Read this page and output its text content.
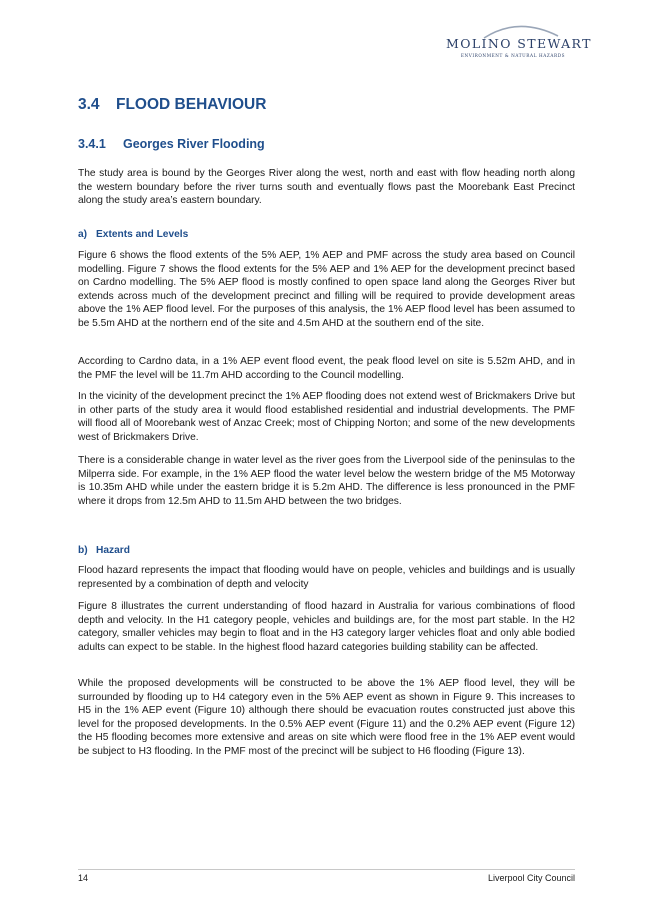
MOLINO STEWART
ENVIRONMENT & NATURAL HAZARDS
3.4 FLOOD BEHAVIOUR
3.4.1 Georges River Flooding

The study area is bound by the Georges River along the west, north and east with flow heading north along the western boundary before the river turns south and eventually flows past the Moorebank East Precinct along the study area’s eastern boundary.

a) Extents and Levels

Figure 6 shows the flood extents of the 5% AEP, 1% AEP and PMF across the study area based on Council modelling. Figure 7 shows the flood extents for the 5% AEP and 1% AEP for the development precinct based on Cardno modelling. The 5% AEP flood is mostly confined to open space land along the Georges River but extends across much of the development precinct and filling will be required to provide development areas above the 1% AEP flood level. For the purposes of this analysis, the 1% AEP flood level has been assumed to be 5.5m AHD at the northern end of the site and 4.5m AHD at the southern end of the site.

According to Cardno data, in a 1% AEP event flood event, the peak flood level on site is 5.52m AHD, and in the PMF the level will be 11.7m AHD according to the Council modelling.

In the vicinity of the development precinct the 1% AEP flooding does not extend west of Brickmakers Drive but in other parts of the study area it would flood established residential and industrial developments. The PMF will flood all of Moorebank west of Anzac Creek; most of Chipping Norton; and some of the new developments west of Brickmakers Drive.

There is a considerable change in water level as the river goes from the Liverpool side of the peninsulas to the Milperra side. For example, in the 1% AEP flood the water level below the western bridge of the M5 Motorway is 10.35m AHD while under the eastern bridge it is 5.2m AHD. The difference is less pronounced in the PMF where it drops from 12.5m AHD to 11.5m AHD between the two bridges.

b) Hazard

Flood hazard represents the impact that flooding would have on people, vehicles and buildings and is usually represented by a combination of depth and velocity

Figure 8 illustrates the current understanding of flood hazard in Australia for various combinations of flood depth and velocity. In the H1 category people, vehicles and buildings are, for the most part stable. In the H2 category, smaller vehicles may begin to float and in the H3 category larger vehicles float and only able bodied adults can expect to be stable. In the highest flood hazard categories building stability can be affected.

While the proposed developments will be constructed to be above the 1% AEP flood level, they will be surrounded by flooding up to H4 category even in the 5% AEP event as shown in Figure 9. This increases to H5 in the 1% AEP event (Figure 10) although there should be evacuation routes constructed just above this level for the proposed developments. In the 0.5% AEP event (Figure 11) and the 0.2% AEP event (Figure 12) the H5 flooding becomes more extensive and areas on site which were flood free in the 1% AEP event would be subject to H3 flooding. In the PMF most of the precinct will be subject to H6 flooding (Figure 13).

14	Liverpool City Council
